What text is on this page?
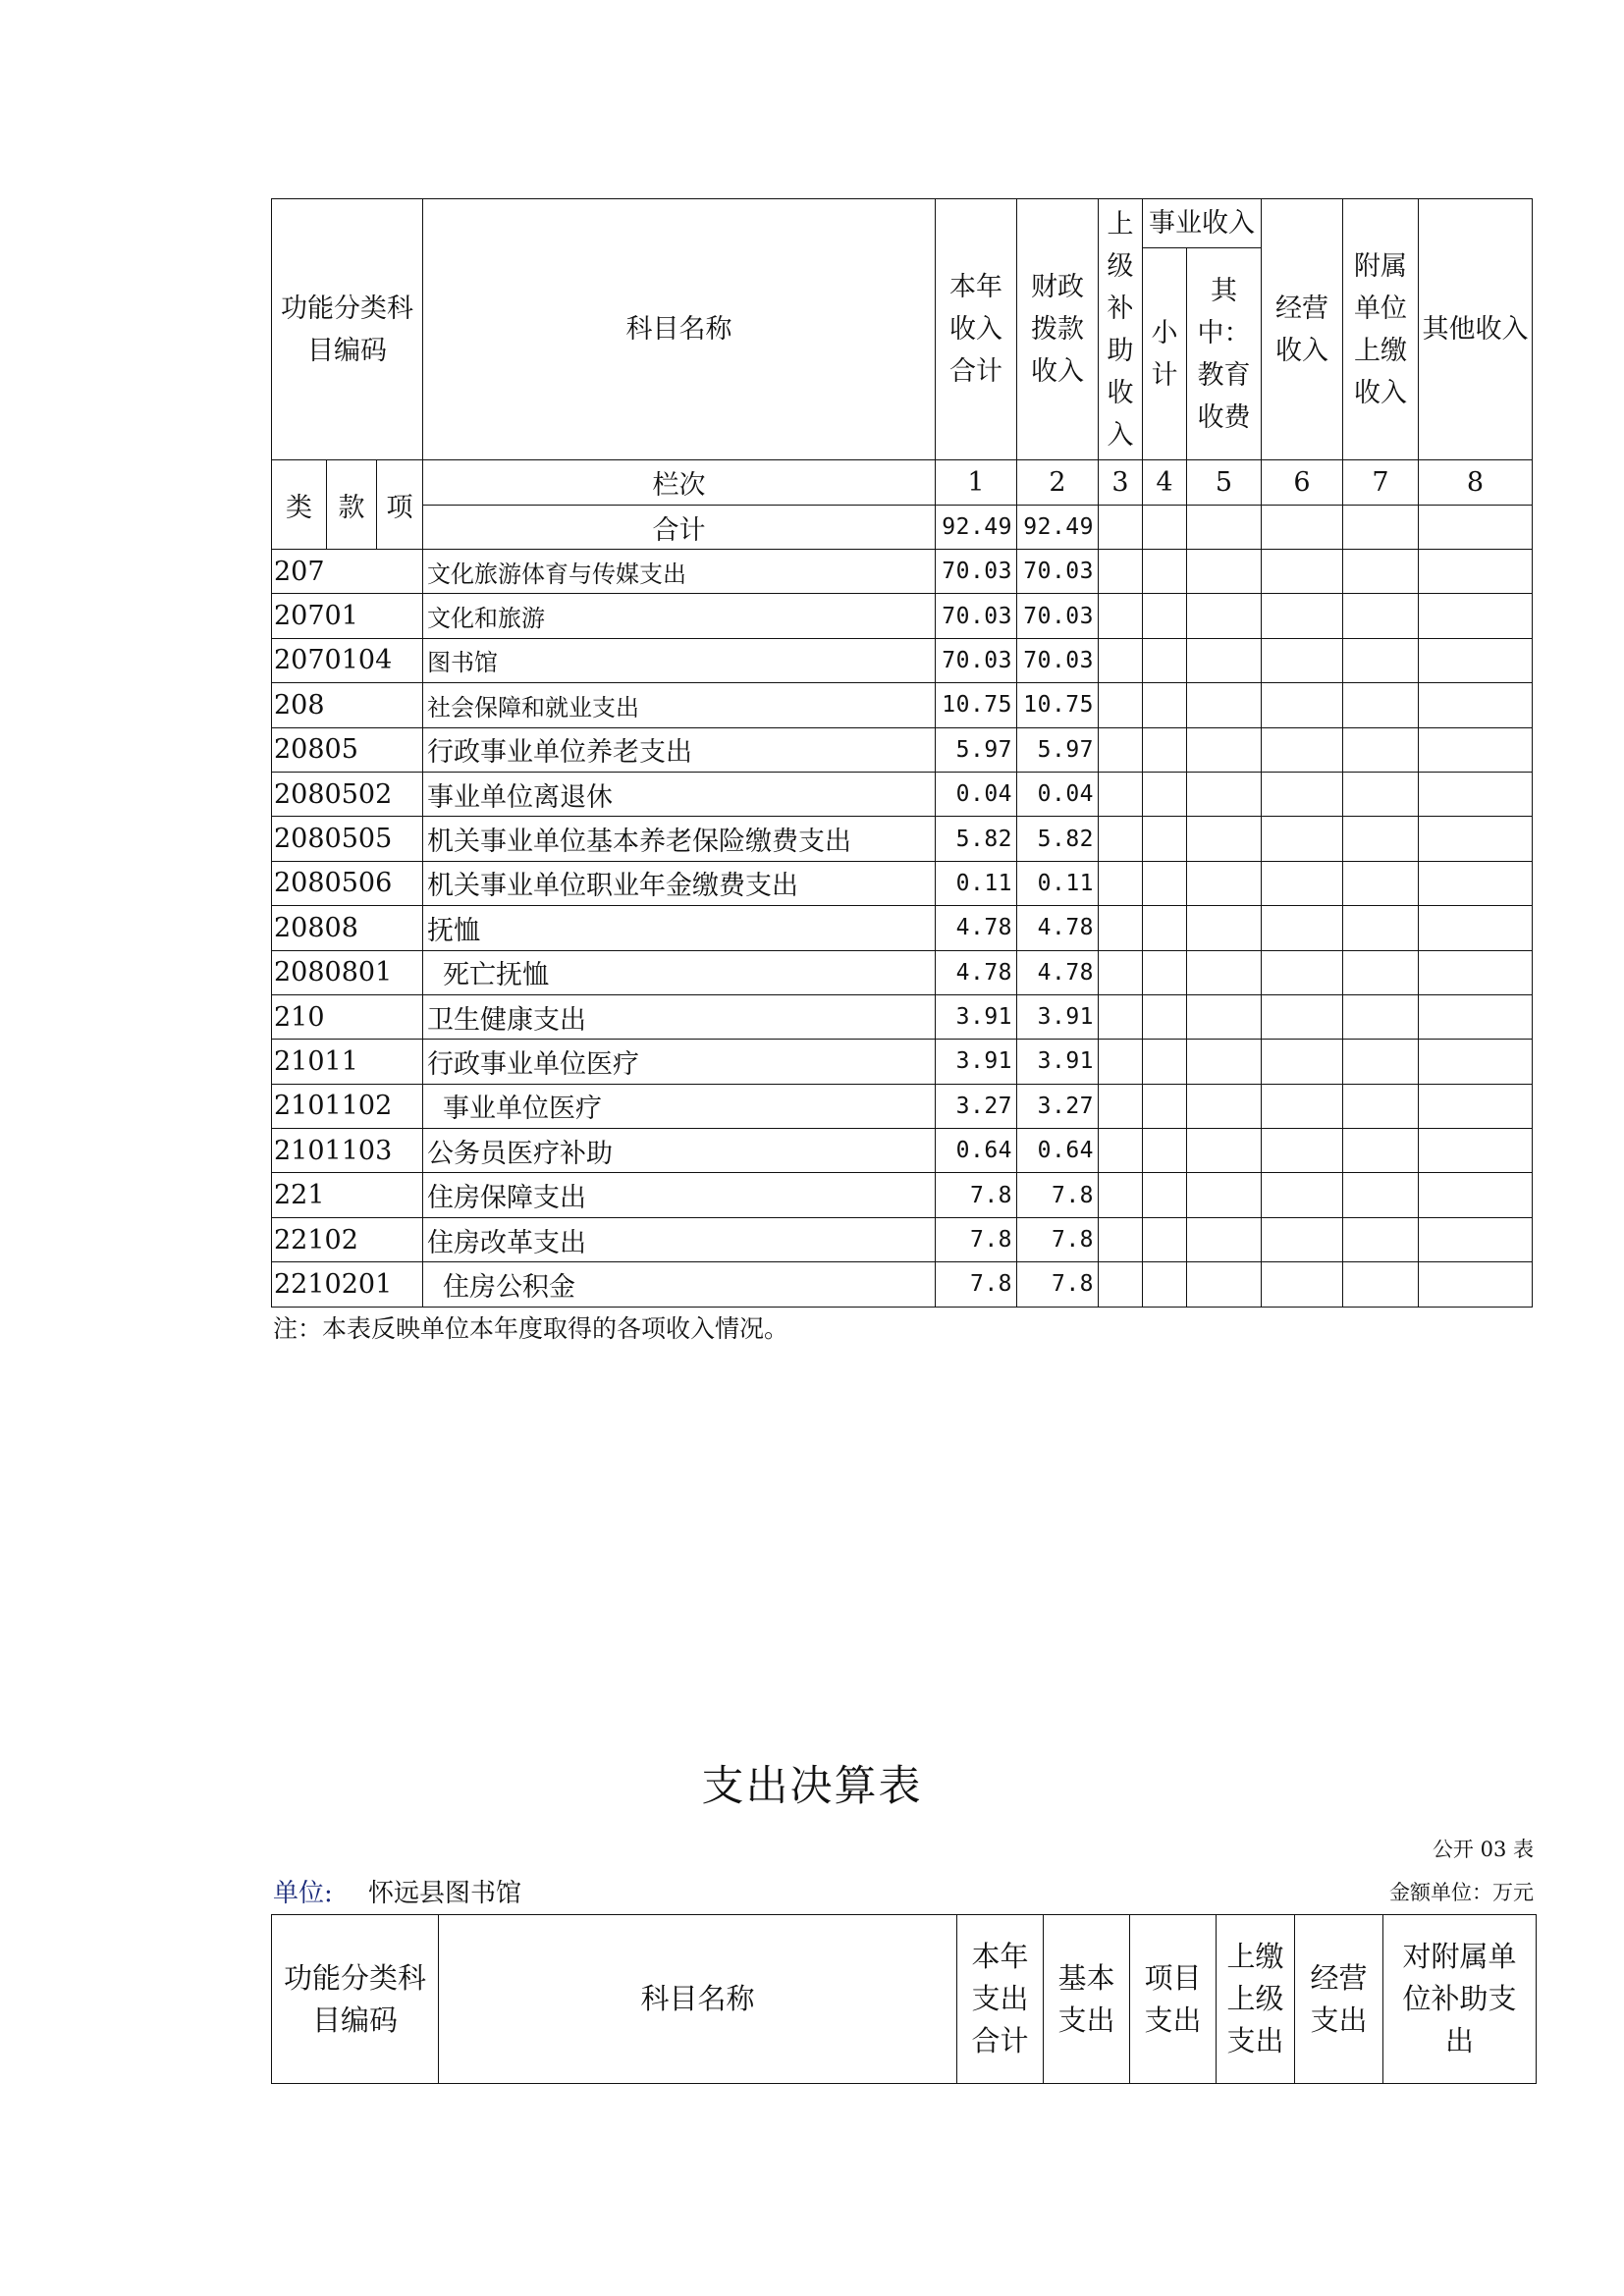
功能分类科目编码			科目名称	本年收入合计	财政拨款收入	上级补助收入	事业收入		经营收入	附属单位上缴收入	其他收入
							小计	其中：教育收费			
类	款	项	栏次	1	2	3	4	5	6	7	8
			合计	92.49	92.49						
207			文化旅游体育与传媒支出	70.03	70.03						
20701			文化和旅游	70.03	70.03						
2070104			图书馆	70.03	70.03						
208			社会保障和就业支出	10.75	10.75						
20805			行政事业单位养老支出	5.97	5.97						
2080502			事业单位离退休	0.04	0.04						
2080505			机关事业单位基本养老保险缴费支出	5.82	5.82						
2080506			机关事业单位职业年金缴费支出	0.11	0.11						
20808			抚恤	4.78	4.78						
2080801			死亡抚恤	4.78	4.78						
210			卫生健康支出	3.91	3.91						
21011			行政事业单位医疗	3.91	3.91						
2101102			事业单位医疗	3.27	3.27						
2101103			公务员医疗补助	0.64	0.64						
221			住房保障支出	7.8	7.8						
22102			住房改革支出	7.8	7.8						
2210201			住房公积金	7.8	7.8						
注：本表反映单位本年度取得的各项收入情况。
支出决算表
公开 03 表
单位: 怀远县图书馆	金额单位：万元
功能分类科目编码	科目名称	本年支出合计	基本支出	项目支出	上缴上级支出	经营支出	对附属单位补助支出
